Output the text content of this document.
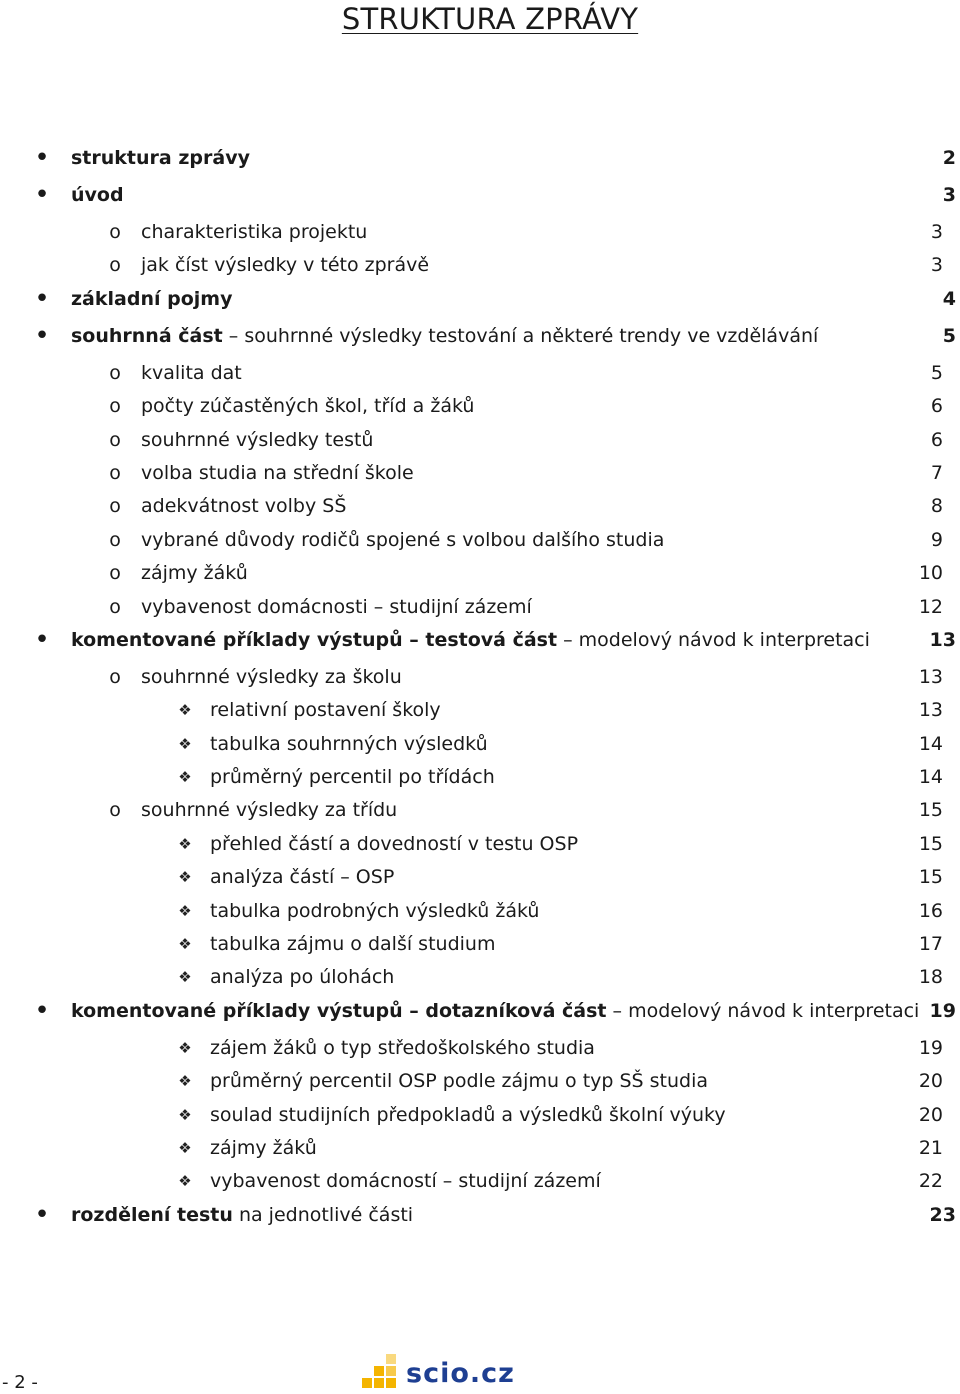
STRUKTURA ZPRÁVY
• struktura zprávy	2
• úvod	3
o	charakteristika projektu	3
o	jak číst výsledky v této zprávě	3
• základní pojmy	4
• souhrnná část – souhrnné výsledky testování a některé trendy ve vzdělávání	5
o	kvalita dat	5
o	počty zúčastěných škol, tříd a žáků	6
o	souhrnné výsledky testů	6
o	volba studia na střední škole	7
o	adekvátnost volby SŠ	8
o	vybrané důvody rodičů spojené s volbou dalšího studia	9
o	zájmy žáků	10
o	vybavenost domácnosti – studijní zázemí	12
• komentované příklady výstupů – testová část – modelový návod k interpretaci	13
o	souhrnné výsledky za školu	13
❖ relativní postavení školy	13
❖ tabulka souhrnných výsledků	14
❖ průměrný percentil po třídách	14
o	souhrnné výsledky za třídu	15
❖ přehled částí a dovedností v testu OSP	15
❖ analýza částí – OSP	15
❖ tabulka podrobných výsledků žáků	16
❖ tabulka zájmu o další studium	17
❖ analýza po úlohách	18
• komentované příklady výstupů – dotazníková část – modelový návod k interpretaci 19
❖ zájem žáků o typ středoškolského studia	19
❖ průměrný percentil OSP podle zájmu o typ SŠ studia	20
❖ soulad studijních předpokladů a výsledků školní výuky	20
❖ zájmy žáků	21
❖ vybavenost domácností – studijní zázemí	22
• rozdělení testu na jednotlivé části	23
- 2 -	scio.cz
